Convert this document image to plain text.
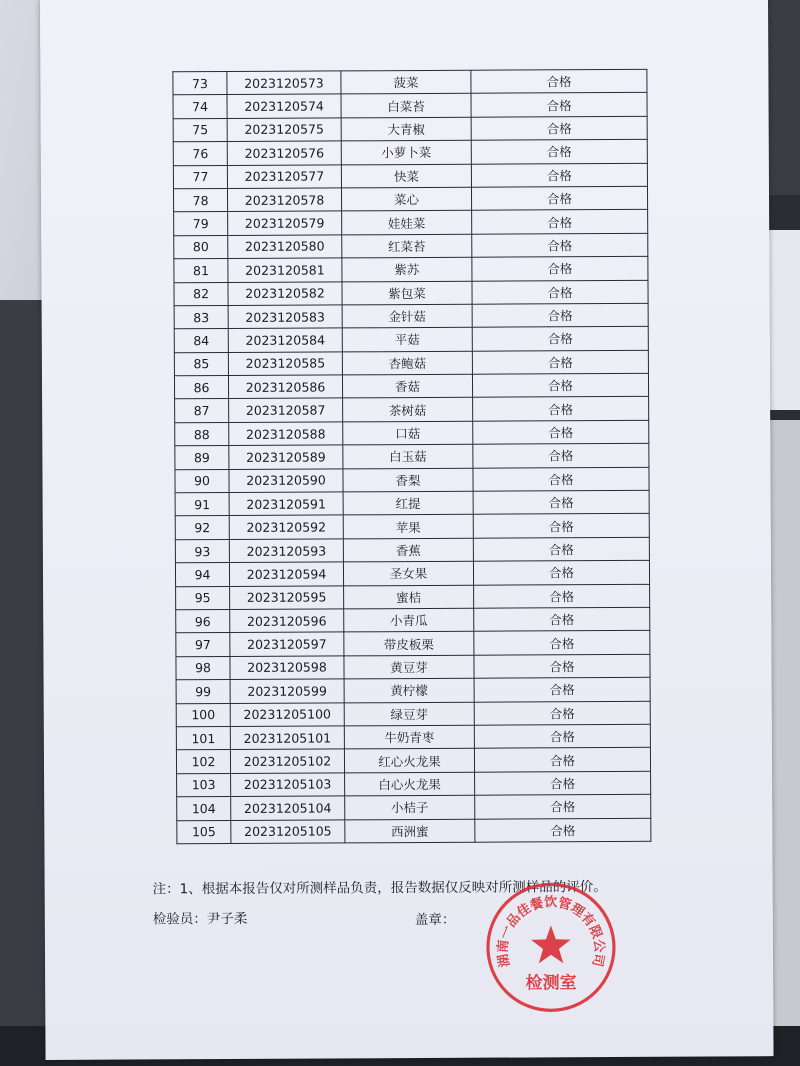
73	2023120573	菠菜	合格
74	2023120574	白菜苔	合格
75	2023120575	大青椒	合格
76	2023120576	小萝卜菜	合格
77	2023120577	快菜	合格
78	2023120578	菜心	合格
79	2023120579	娃娃菜	合格
80	2023120580	红菜苔	合格
81	2023120581	紫苏	合格
82	2023120582	紫包菜	合格
83	2023120583	金针菇	合格
84	2023120584	平菇	合格
85	2023120585	杏鲍菇	合格
86	2023120586	香菇	合格
87	2023120587	茶树菇	合格
88	2023120588	口菇	合格
89	2023120589	白玉菇	合格
90	2023120590	香梨	合格
91	2023120591	红提	合格
92	2023120592	苹果	合格
93	2023120593	香蕉	合格
94	2023120594	圣女果	合格
95	2023120595	蜜桔	合格
96	2023120596	小青瓜	合格
97	2023120597	带皮板栗	合格
98	2023120598	黄豆芽	合格
99	2023120599	黄柠檬	合格
100	20231205100	绿豆芽	合格
101	20231205101	牛奶青枣	合格
102	20231205102	红心火龙果	合格
103	20231205103	白心火龙果	合格
104	20231205104	小桔子	合格
105	20231205105	西洲蜜	合格
注：1、根据本报告仅对所测样品负责，报告数据仅反映对所测样品的评价。
检验员：尹子柔	盖章：
湖南一品佳餐饮管理有限公司
检测室
